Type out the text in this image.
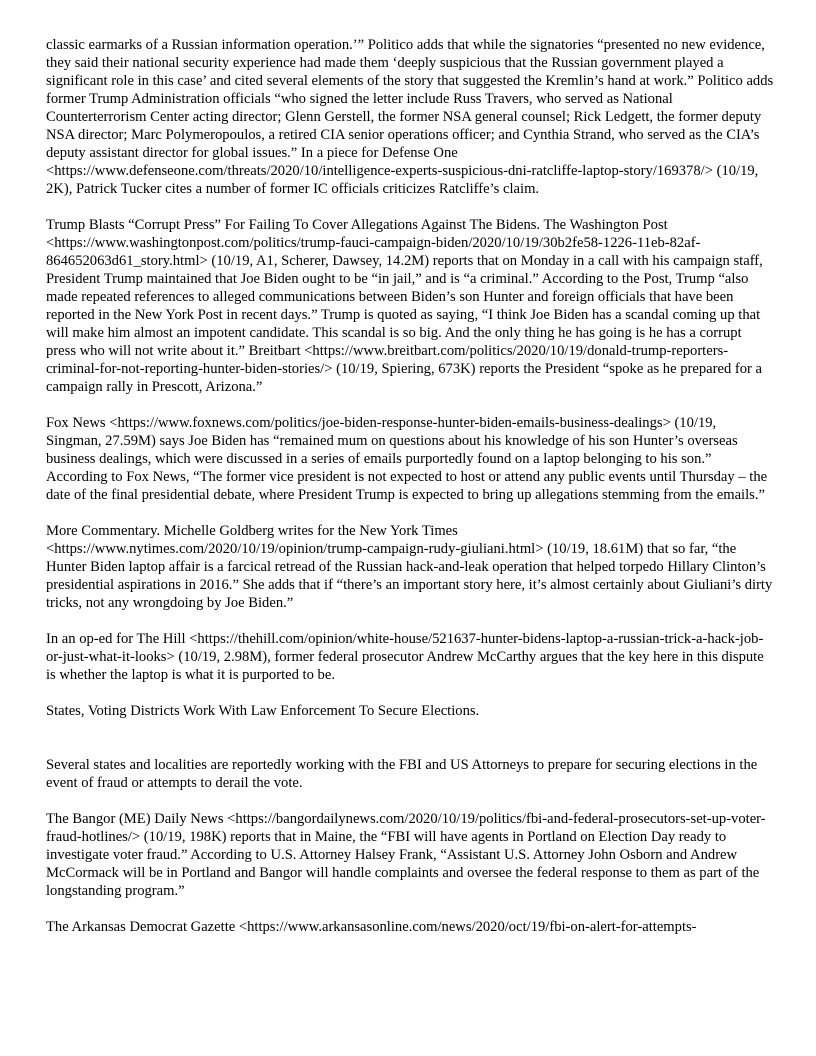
classic earmarks of a Russian information operation.’” Politico adds that while the signatories “presented no new evidence, they said their national security experience had made them ‘deeply suspicious that the Russian government played a significant role in this case’ and cited several elements of the story that suggested the Kremlin’s hand at work.” Politico adds former Trump Administration officials “who signed the letter include Russ Travers, who served as National Counterterrorism Center acting director; Glenn Gerstell, the former NSA general counsel; Rick Ledgett, the former deputy NSA director; Marc Polymeropoulos, a retired CIA senior operations officer; and Cynthia Strand, who served as the CIA’s deputy assistant director for global issues.” In a piece for Defense One <https://www.defenseone.com/threats/2020/10/intelligence-experts-suspicious-dni-ratcliffe-laptop-story/169378/> (10/19, 2K), Patrick Tucker cites a number of former IC officials criticizes Ratcliffe’s claim.

Trump Blasts “Corrupt Press” For Failing To Cover Allegations Against The Bidens. The Washington Post <https://www.washingtonpost.com/politics/trump-fauci-campaign-biden/2020/10/19/30b2fe58-1226-11eb-82af-864652063d61_story.html> (10/19, A1, Scherer, Dawsey, 14.2M) reports that on Monday in a call with his campaign staff, President Trump maintained that Joe Biden ought to be “in jail,” and is “a criminal.” According to the Post, Trump “also made repeated references to alleged communications between Biden’s son Hunter and foreign officials that have been reported in the New York Post in recent days.” Trump is quoted as saying, “I think Joe Biden has a scandal coming up that will make him almost an impotent candidate. This scandal is so big. And the only thing he has going is he has a corrupt press who will not write about it.” Breitbart <https://www.breitbart.com/politics/2020/10/19/donald-trump-reporters-criminal-for-not-reporting-hunter-biden-stories/> (10/19, Spiering, 673K) reports the President “spoke as he prepared for a campaign rally in Prescott, Arizona.”

Fox News <https://www.foxnews.com/politics/joe-biden-response-hunter-biden-emails-business-dealings> (10/19, Singman, 27.59M) says Joe Biden has “remained mum on questions about his knowledge of his son Hunter’s overseas business dealings, which were discussed in a series of emails purportedly found on a laptop belonging to his son.” According to Fox News, “The former vice president is not expected to host or attend any public events until Thursday – the date of the final presidential debate, where President Trump is expected to bring up allegations stemming from the emails.”

More Commentary. Michelle Goldberg writes for the New York Times <https://www.nytimes.com/2020/10/19/opinion/trump-campaign-rudy-giuliani.html> (10/19, 18.61M) that so far, “the Hunter Biden laptop affair is a farcical retread of the Russian hack-and-leak operation that helped torpedo Hillary Clinton’s presidential aspirations in 2016.” She adds that if “there’s an important story here, it’s almost certainly about Giuliani’s dirty tricks, not any wrongdoing by Joe Biden.”

In an op-ed for The Hill <https://thehill.com/opinion/white-house/521637-hunter-bidens-laptop-a-russian-trick-a-hack-job-or-just-what-it-looks> (10/19, 2.98M), former federal prosecutor Andrew McCarthy argues that the key here in this dispute is whether the laptop is what it is purported to be.

States, Voting Districts Work With Law Enforcement To Secure Elections.

Several states and localities are reportedly working with the FBI and US Attorneys to prepare for securing elections in the event of fraud or attempts to derail the vote.

The Bangor (ME) Daily News <https://bangordailynews.com/2020/10/19/politics/fbi-and-federal-prosecutors-set-up-voter-fraud-hotlines/> (10/19, 198K) reports that in Maine, the “FBI will have agents in Portland on Election Day ready to investigate voter fraud.” According to U.S. Attorney Halsey Frank, “Assistant U.S. Attorney John Osborn and Andrew McCormack will be in Portland and Bangor will handle complaints and oversee the federal response to them as part of the longstanding program.”

The Arkansas Democrat Gazette <https://www.arkansasonline.com/news/2020/oct/19/fbi-on-alert-for-attempts-
